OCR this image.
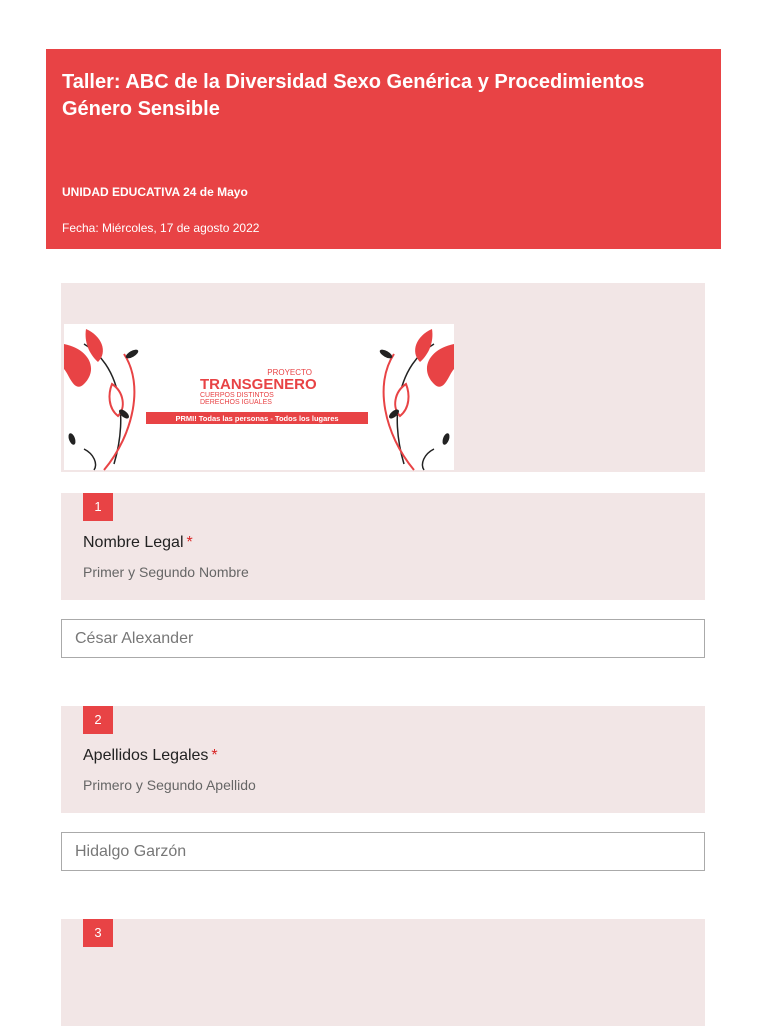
Taller: ABC de la Diversidad Sexo Genérica y Procedimientos Género Sensible
UNIDAD EDUCATIVA 24 de Mayo
Fecha: Miércoles, 17 de agosto 2022
PROYECTO
TRANSGENERO
CUERPOS DISTINTOS
DERECHOS IGUALES
PRMI! Todas las personas - Todos los lugares
1
Nombre Legal *
Primer y Segundo Nombre
César Alexander
2
Apellidos Legales *
Primero y Segundo Apellido
Hidalgo Garzón
3
